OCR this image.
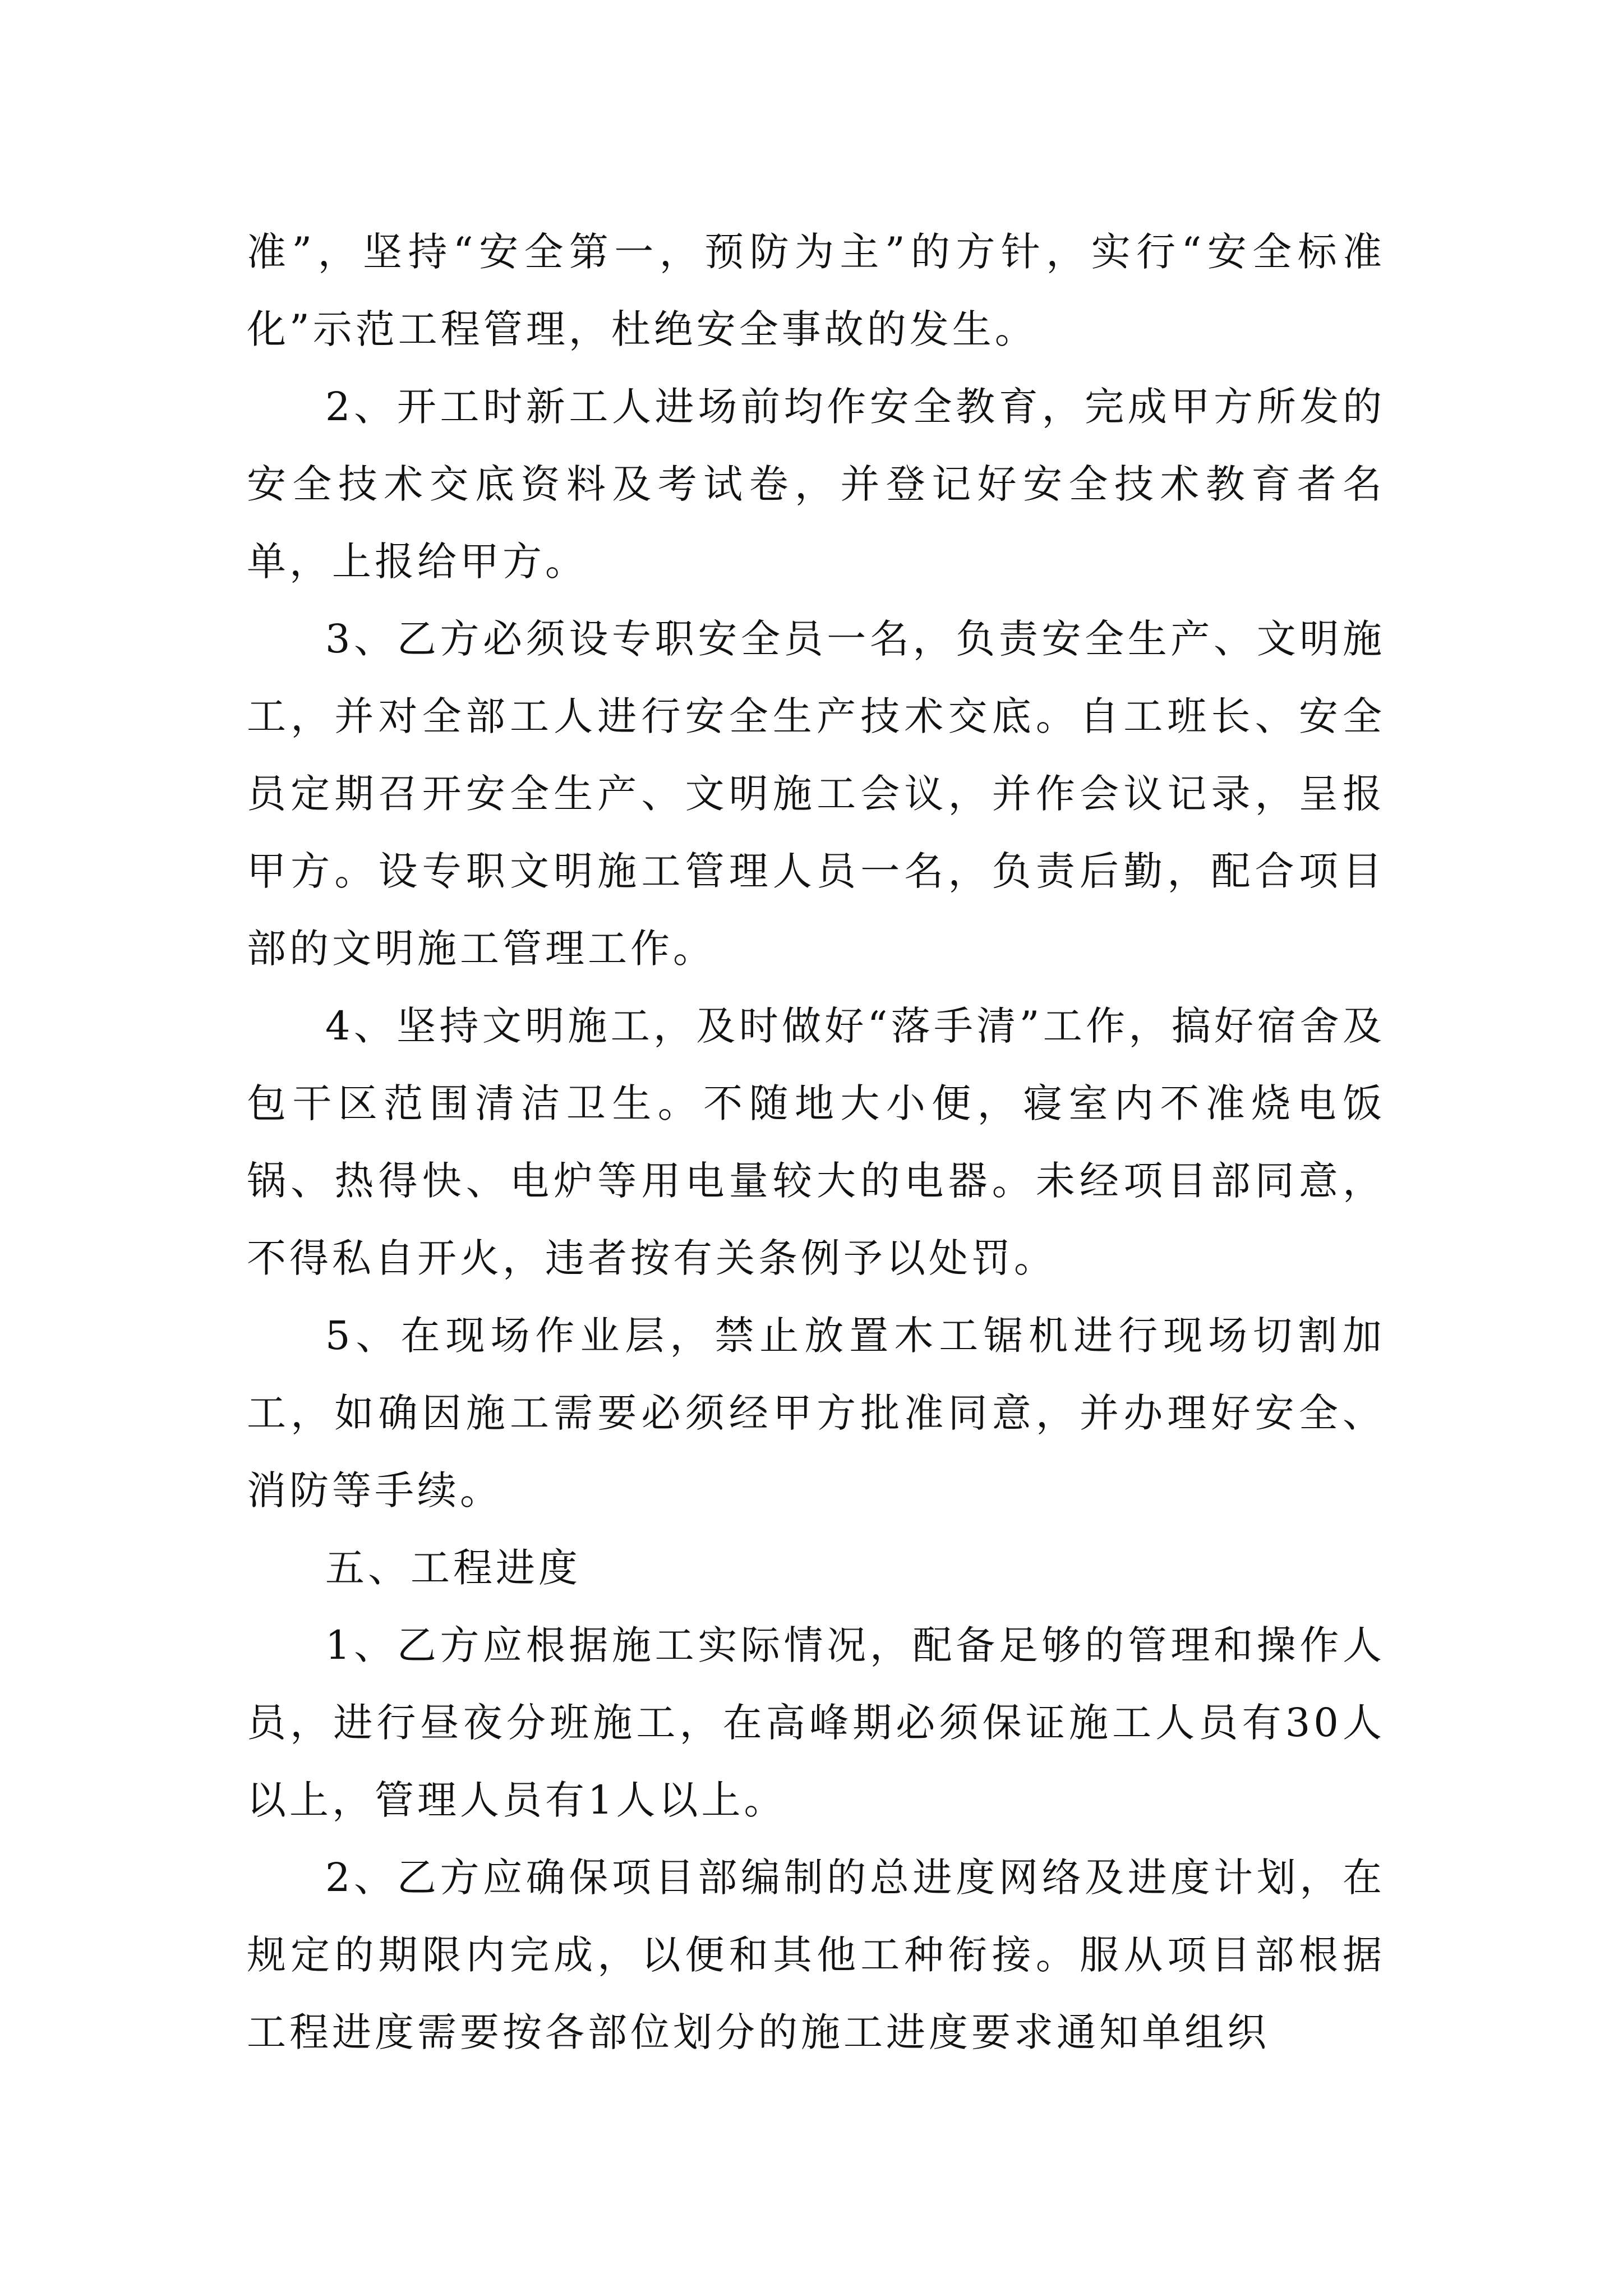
准”，坚持“安全第一，预防为主”的方针，实行“安全标准化”示范工程管理，杜绝安全事故的发生。

2、开工时新工人进场前均作安全教育，完成甲方所发的安全技术交底资料及考试卷，并登记好安全技术教育者名单，上报给甲方。

3、乙方必须设专职安全员一名，负责安全生产、文明施工，并对全部工人进行安全生产技术交底。自工班长、安全员定期召开安全生产、文明施工会议，并作会议记录，呈报甲方。设专职文明施工管理人员一名，负责后勤，配合项目部的文明施工管理工作。

4、坚持文明施工，及时做好“落手清”工作，搞好宿舍及包干区范围清洁卫生。不随地大小便，寝室内不准烧电饭锅、热得快、电炉等用电量较大的电器。未经项目部同意，不得私自开火，违者按有关条例予以处罚。

5、在现场作业层，禁止放置木工锯机进行现场切割加工，如确因施工需要必须经甲方批准同意，并办理好安全、消防等手续。

五、工程进度

1、乙方应根据施工实际情况，配备足够的管理和操作人员，进行昼夜分班施工，在高峰期必须保证施工人员有30人以上，管理人员有1人以上。

2、乙方应确保项目部编制的总进度网络及进度计划，在规定的期限内完成，以便和其他工种衔接。服从项目部根据工程进度需要按各部位划分的施工进度要求通知单组织
